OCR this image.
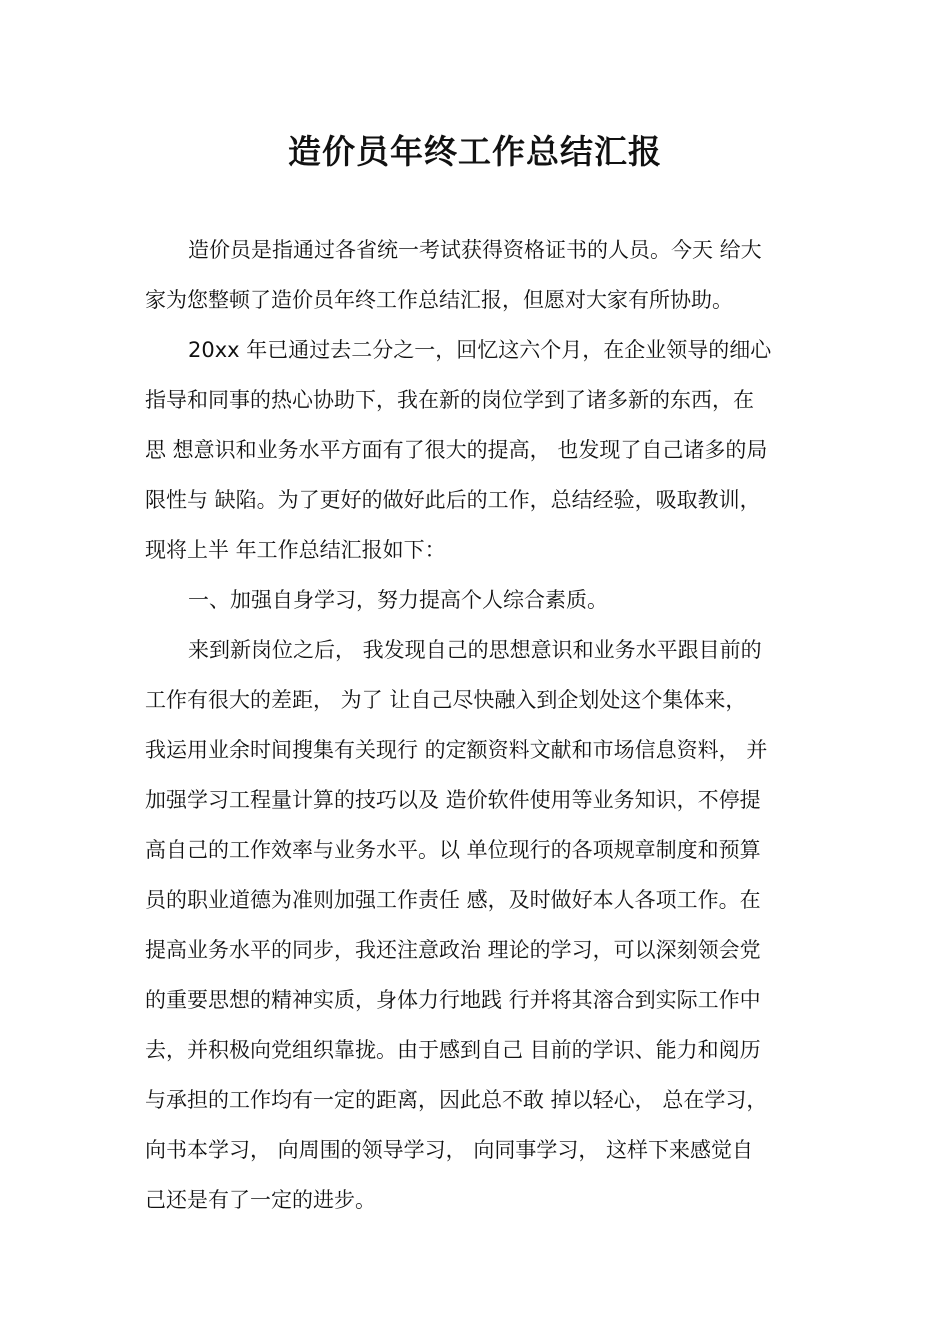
造价员年终工作总结汇报

造价员是指通过各省统一考试获得资格证书的人员。今天 给大

家为您整顿了造价员年终工作总结汇报，但愿对大家有所协助。

20xx 年已通过去二分之一，回忆这六个月，在企业领导的细心

指导和同事的热心协助下，我在新的岗位学到了诸多新的东西，在

思 想意识和业务水平方面有了很大的提高， 也发现了自己诸多的局

限性与 缺陷。为了更好的做好此后的工作，总结经验，吸取教训，

现将上半 年工作总结汇报如下：

一、加强自身学习，努力提高个人综合素质。

来到新岗位之后， 我发现自己的思想意识和业务水平跟目前的

工作有很大的差距， 为了 让自己尽快融入到企划处这个集体来，

我运用业余时间搜集有关现行 的定额资料文献和市场信息资料， 并

加强学习工程量计算的技巧以及 造价软件使用等业务知识，不停提

高自己的工作效率与业务水平。以 单位现行的各项规章制度和预算

员的职业道德为准则加强工作责任 感，及时做好本人各项工作。在

提高业务水平的同步，我还注意政治 理论的学习，可以深刻领会党

的重要思想的精神实质，身体力行地践 行并将其溶合到实际工作中

去，并积极向党组织靠拢。由于感到自己 目前的学识、能力和阅历

与承担的工作均有一定的距离，因此总不敢 掉以轻心， 总在学习，

向书本学习， 向周围的领导学习， 向同事学习， 这样下来感觉自

己还是有了一定的进步。
